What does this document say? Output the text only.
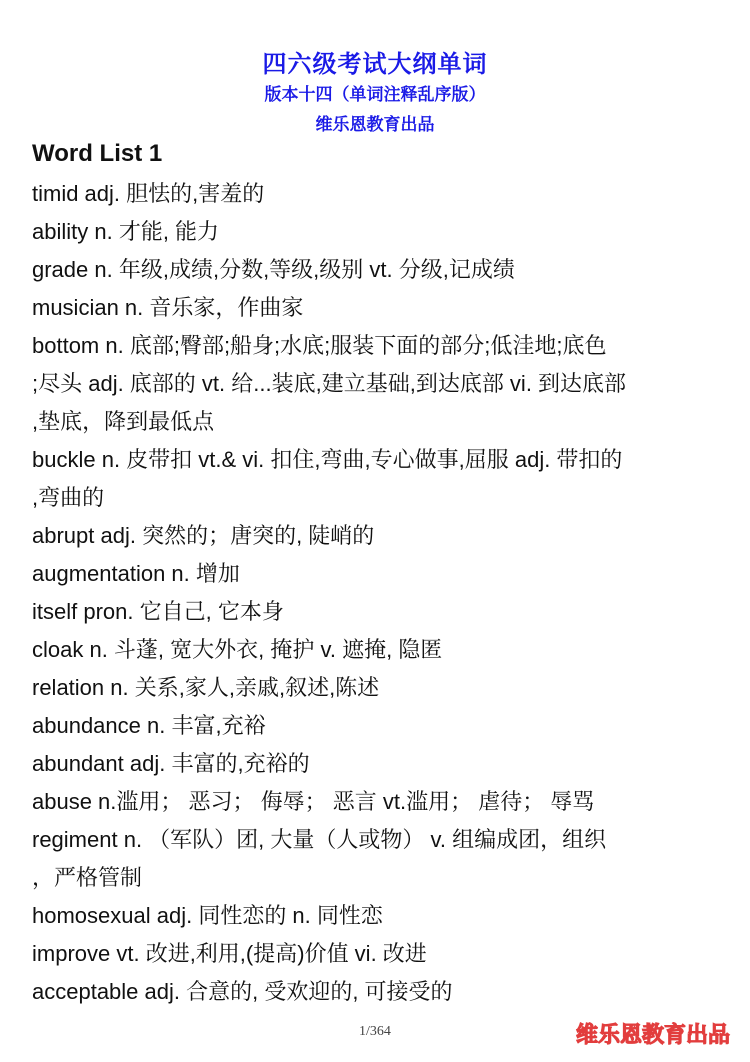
四六级考试大纲单词
版本十四（单词注释乱序版）
维乐恩教育出品
Word List 1
timid adj. 胆怯的,害羞的
ability n. 才能, 能力
grade n. 年级,成绩,分数,等级,级别 vt. 分级,记成绩
musician n. 音乐家，作曲家
bottom n. 底部;臀部;船身;水底;服装下面的部分;低洼地;底色
;尽头 adj. 底部的 vt. 给...装底,建立基础,到达底部 vi. 到达底部
,垫底，降到最低点
buckle n. 皮带扣 vt.& vi. 扣住,弯曲,专心做事,屈服 adj. 带扣的
,弯曲的
abrupt adj. 突然的；唐突的, 陡峭的
augmentation n. 增加
itself pron. 它自己, 它本身
cloak n. 斗蓬, 宽大外衣, 掩护 v. 遮掩, 隐匿
relation n. 关系,家人,亲戚,叙述,陈述
abundance n. 丰富,充裕
abundant adj. 丰富的,充裕的
abuse n.滥用； 恶习； 侮辱； 恶言 vt.滥用； 虐待； 辱骂
regiment n. （军队）团, 大量（人或物） v. 组编成团，组织
，严格管制
homosexual adj. 同性恋的 n. 同性恋
improve vt. 改进,利用,(提高)价值 vi. 改进
acceptable adj. 合意的, 受欢迎的, 可接受的
1/364	维乐恩教育出品
